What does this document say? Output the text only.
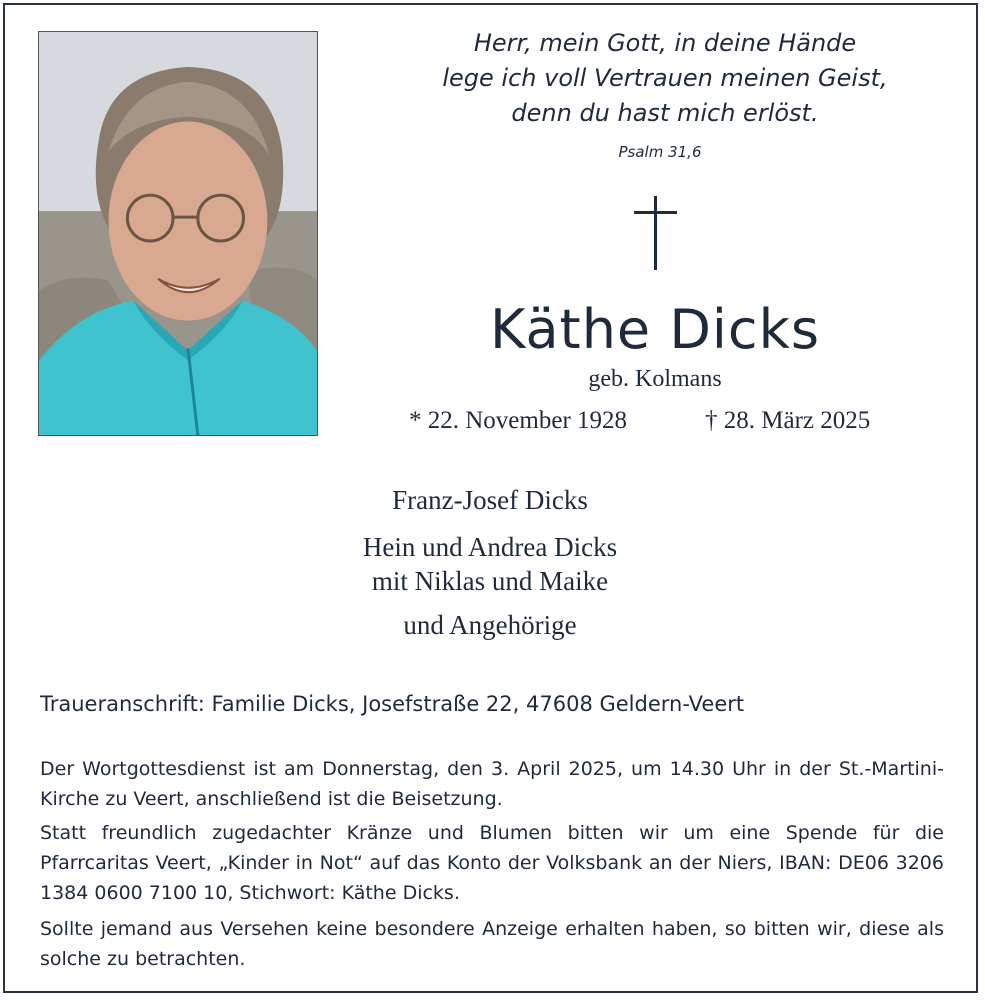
Herr, mein Gott, in deine Hände
lege ich voll Vertrauen meinen Geist,
denn du hast mich erlöst.
Psalm 31,6
Käthe Dicks
geb. Kolmans
* 22. November 1928	† 28. März 2025
Franz-Josef Dicks
Hein und Andrea Dicks
mit Niklas und Maike
und Angehörige
Traueranschrift: Familie Dicks, Josefstraße 22, 47608 Geldern-Veert
Der Wortgottesdienst ist am Donnerstag, den 3. April 2025, um 14.30 Uhr in der St.-Martini-Kirche zu Veert, anschließend ist die Beisetzung.
Statt freundlich zugedachter Kränze und Blumen bitten wir um eine Spende für die Pfarrcaritas Veert, „Kinder in Not“ auf das Konto der Volksbank an der Niers, IBAN: DE06 3206 1384 0600 7100 10, Stichwort: Käthe Dicks.
Sollte jemand aus Versehen keine besondere Anzeige erhalten haben, so bitten wir, diese als solche zu betrachten.
